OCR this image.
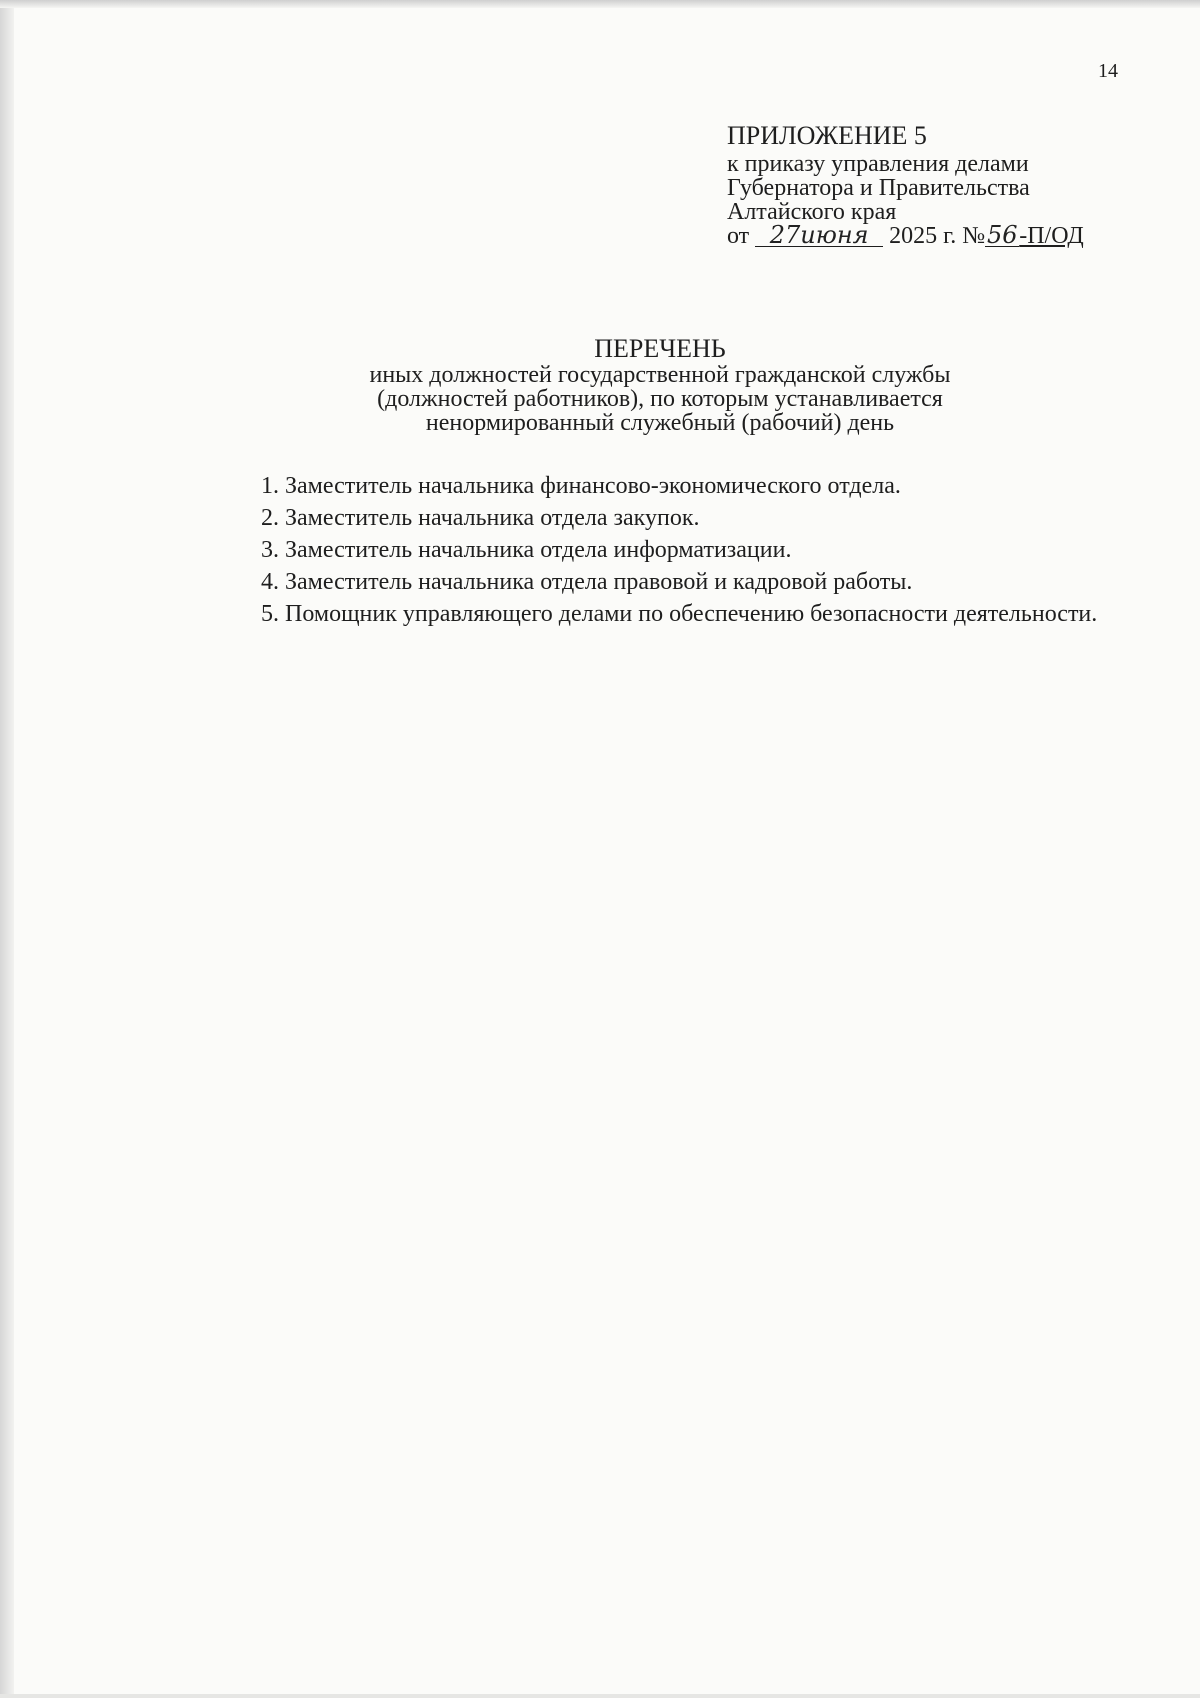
14
ПРИЛОЖЕНИЕ 5
к приказу управления делами
Губернатора и Правительства
Алтайского края
от 27июня 2025 г. №56-П/ОД
ПЕРЕЧЕНЬ
иных должностей государственной гражданской службы
(должностей работников), по которым устанавливается
ненормированный служебный (рабочий) день

1. Заместитель начальника финансово-экономического отдела.

2. Заместитель начальника отдела закупок.

3. Заместитель начальника отдела информатизации.

4. Заместитель начальника отдела правовой и кадровой работы.

5. Помощник управляющего делами по обеспечению безопасности деятельности.
